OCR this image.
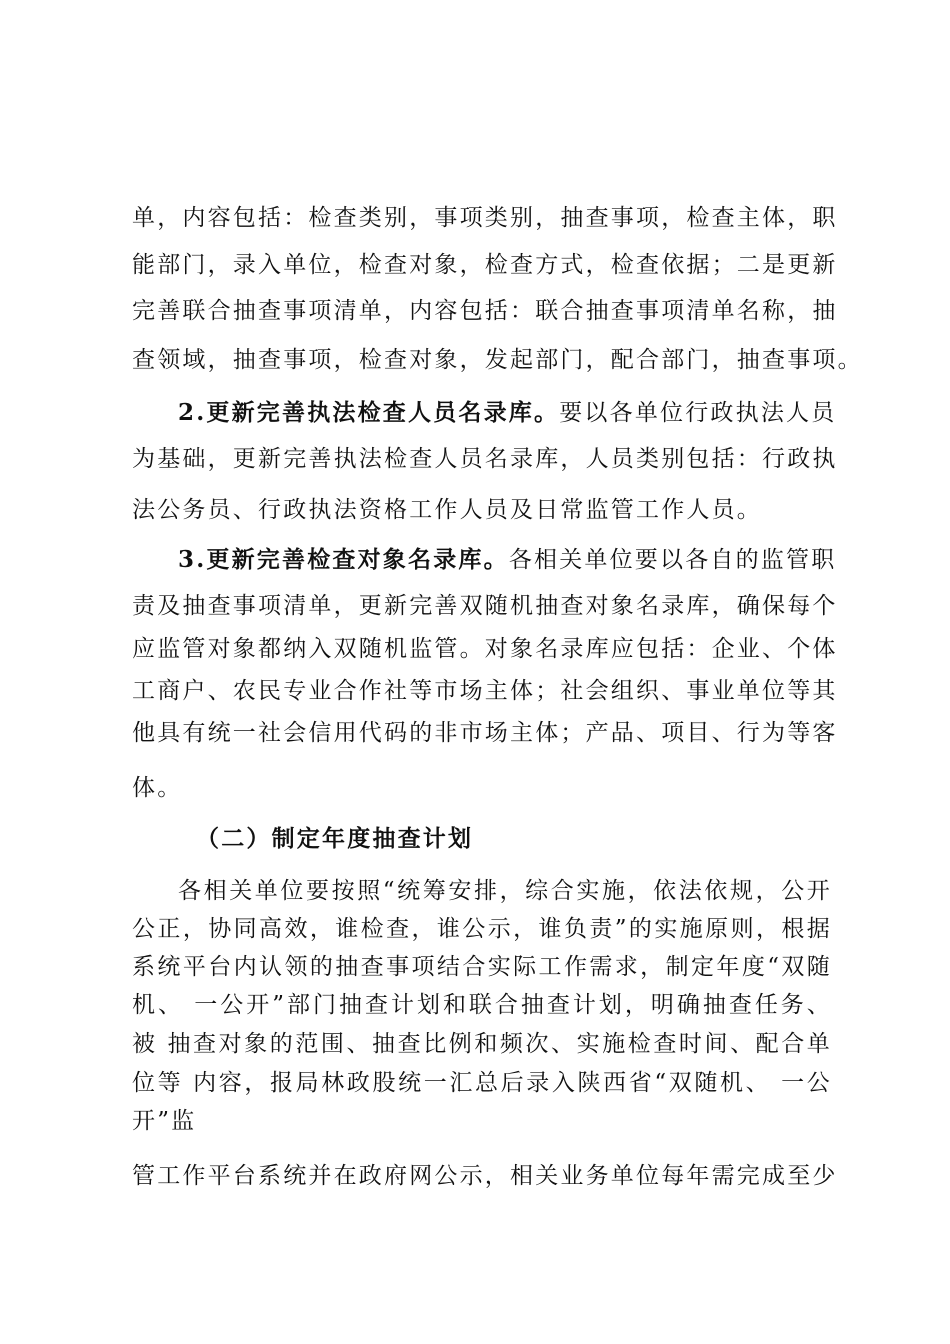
单，内容包括：检查类别，事项类别，抽查事项，检查主体，职
能部门，录入单位，检查对象，检查方式，检查依据；二是更新
完善联合抽查事项清单，内容包括：联合抽查事项清单名称，抽
查领域，抽查事项，检查对象，发起部门，配合部门，抽查事项。
2.更新完善执法检查人员名录库。要以各单位行政执法人员
为基础，更新完善执法检查人员名录库，人员类别包括：行政执
法公务员、行政执法资格工作人员及日常监管工作人员。
3.更新完善检查对象名录库。各相关单位要以各自的监管职
责及抽查事项清单，更新完善双随机抽查对象名录库，确保每个
应监管对象都纳入双随机监管。对象名录库应包括：企业、个体
工商户、农民专业合作社等市场主体；社会组织、事业单位等其
他具有统一社会信用代码的非市场主体；产品、项目、行为等客
体。
（二）制定年度抽查计划
各相关单位要按照“统筹安排，综合实施，依法依规，公开
公正，协同高效，谁检查，谁公示，谁负责”的实施原则，根据
系统平台内认领的抽查事项结合实际工作需求，制定年度“双随
机、 一公开”部门抽查计划和联合抽查计划，明确抽查任务、
被 抽查对象的范围、抽查比例和频次、实施检查时间、配合单
位等 内容，报局林政股统一汇总后录入陕西省“双随机、 一公
开”监
管工作平台系统并在政府网公示，相关业务单位每年需完成至少
